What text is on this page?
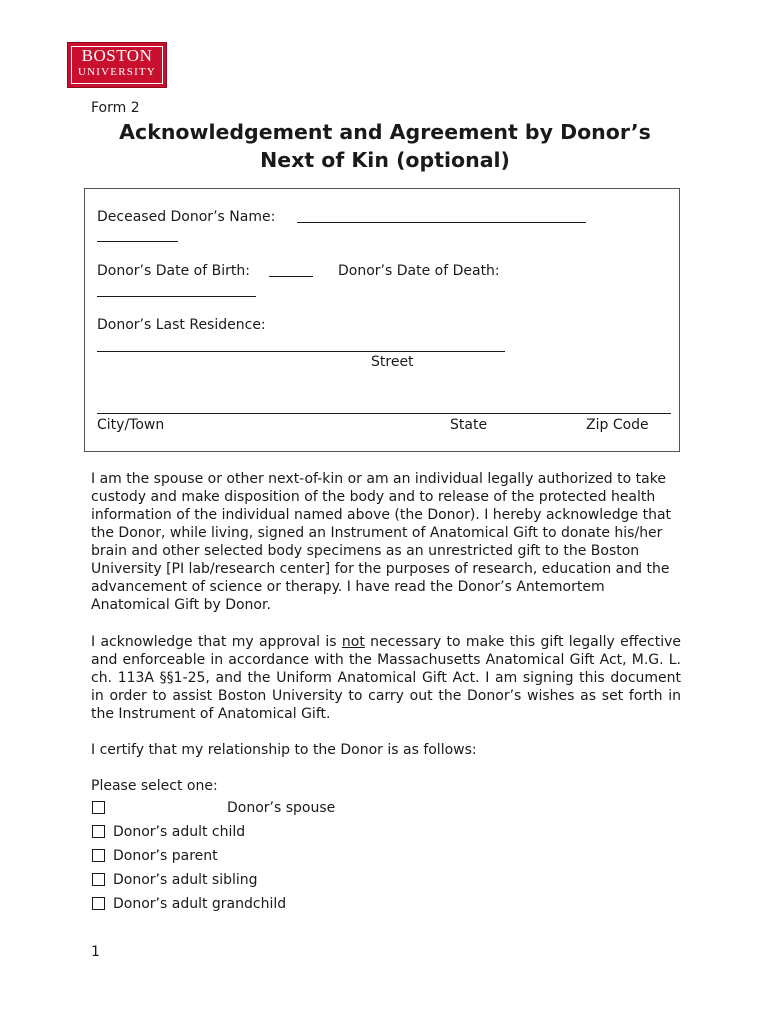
BOSTON
UNIVERSITY
Form 2
Acknowledgement and Agreement by Donor’s
Next of Kin (optional)
Deceased Donor’s Name:
Donor’s Date of Birth:	Donor’s Date of Death:
Donor’s Last Residence:
Street
City/Town	State	Zip Code
I am the spouse or other next-of-kin or am an individual legally authorized to take custody and make disposition of the body and to release of the protected health information of the individual named above (the Donor). I hereby acknowledge that the Donor, while living, signed an Instrument of Anatomical Gift to donate his/her brain and other selected body specimens as an unrestricted gift to the Boston University [PI lab/research center] for the purposes of research, education and the advancement of science or therapy. I have read the Donor’s Antemortem Anatomical Gift by Donor.
I acknowledge that my approval is not necessary to make this gift legally effective and enforceable in accordance with the Massachusetts Anatomical Gift Act, M.G. L. ch. 113A §§1-25, and the Uniform Anatomical Gift Act. I am signing this document in order to assist Boston University to carry out the Donor’s wishes as set forth in the Instrument of Anatomical Gift.
I certify that my relationship to the Donor is as follows:
Please select one:
Donor’s spouse
Donor’s adult child
Donor’s parent
Donor’s adult sibling
Donor’s adult grandchild
1
